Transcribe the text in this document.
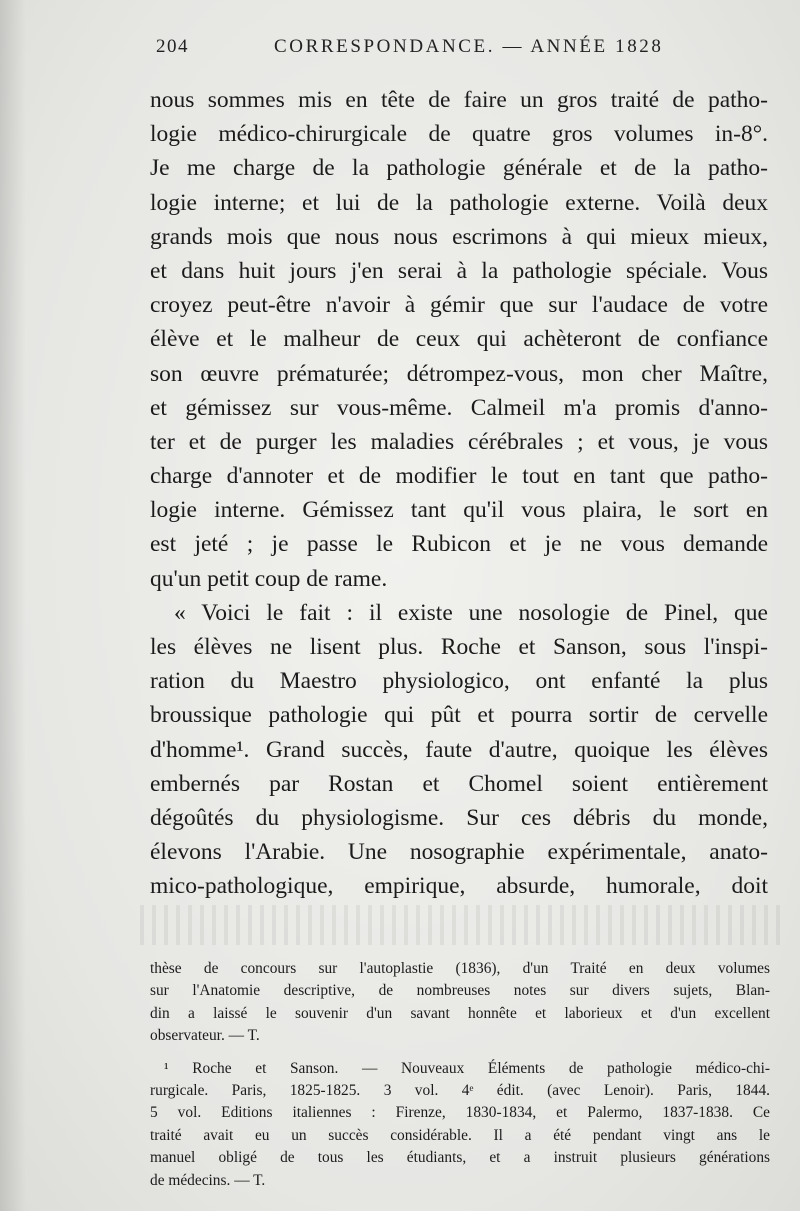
204	CORRESPONDANCE. — ANNÉE 1828
nous sommes mis en tête de faire un gros traité de patho-
logie médico-chirurgicale de quatre gros volumes in-8°.
Je me charge de la pathologie générale et de la patho-
logie interne; et lui de la pathologie externe. Voilà deux
grands mois que nous nous escrimons à qui mieux mieux,
et dans huit jours j'en serai à la pathologie spéciale. Vous
croyez peut-être n'avoir à gémir que sur l'audace de votre
élève et le malheur de ceux qui achèteront de confiance
son œuvre prématurée; détrompez-vous, mon cher Maître,
et gémissez sur vous-même. Calmeil m'a promis d'anno-
ter et de purger les maladies cérébrales ; et vous, je vous
charge d'annoter et de modifier le tout en tant que patho-
logie interne. Gémissez tant qu'il vous plaira, le sort en
est jeté ; je passe le Rubicon et je ne vous demande
qu'un petit coup de rame.
« Voici le fait : il existe une nosologie de Pinel, que
les élèves ne lisent plus. Roche et Sanson, sous l'inspi-
ration du Maestro physiologico, ont enfanté la plus
broussique pathologie qui pût et pourra sortir de cervelle
d'homme¹. Grand succès, faute d'autre, quoique les élèves
embernés par Rostan et Chomel soient entièrement
dégoûtés du physiologisme. Sur ces débris du monde,
élevons l'Arabie. Une nosographie expérimentale, anato-
mico-pathologique, empirique, absurde, humorale, doit
thèse de concours sur l'autoplastie (1836), d'un Traité en deux volumes
sur l'Anatomie descriptive, de nombreuses notes sur divers sujets, Blan-
din a laissé le souvenir d'un savant honnête et laborieux et d'un excellent
observateur. — T.
¹ Roche et Sanson. — Nouveaux Éléments de pathologie médico-chi-
rurgicale. Paris, 1825-1825. 3 vol. 4ᵉ édit. (avec Lenoir). Paris, 1844.
5 vol. Editions italiennes : Firenze, 1830-1834, et Palermo, 1837-1838. Ce
traité avait eu un succès considérable. Il a été pendant vingt ans le
manuel obligé de tous les étudiants, et a instruit plusieurs générations
de médecins. — T.
